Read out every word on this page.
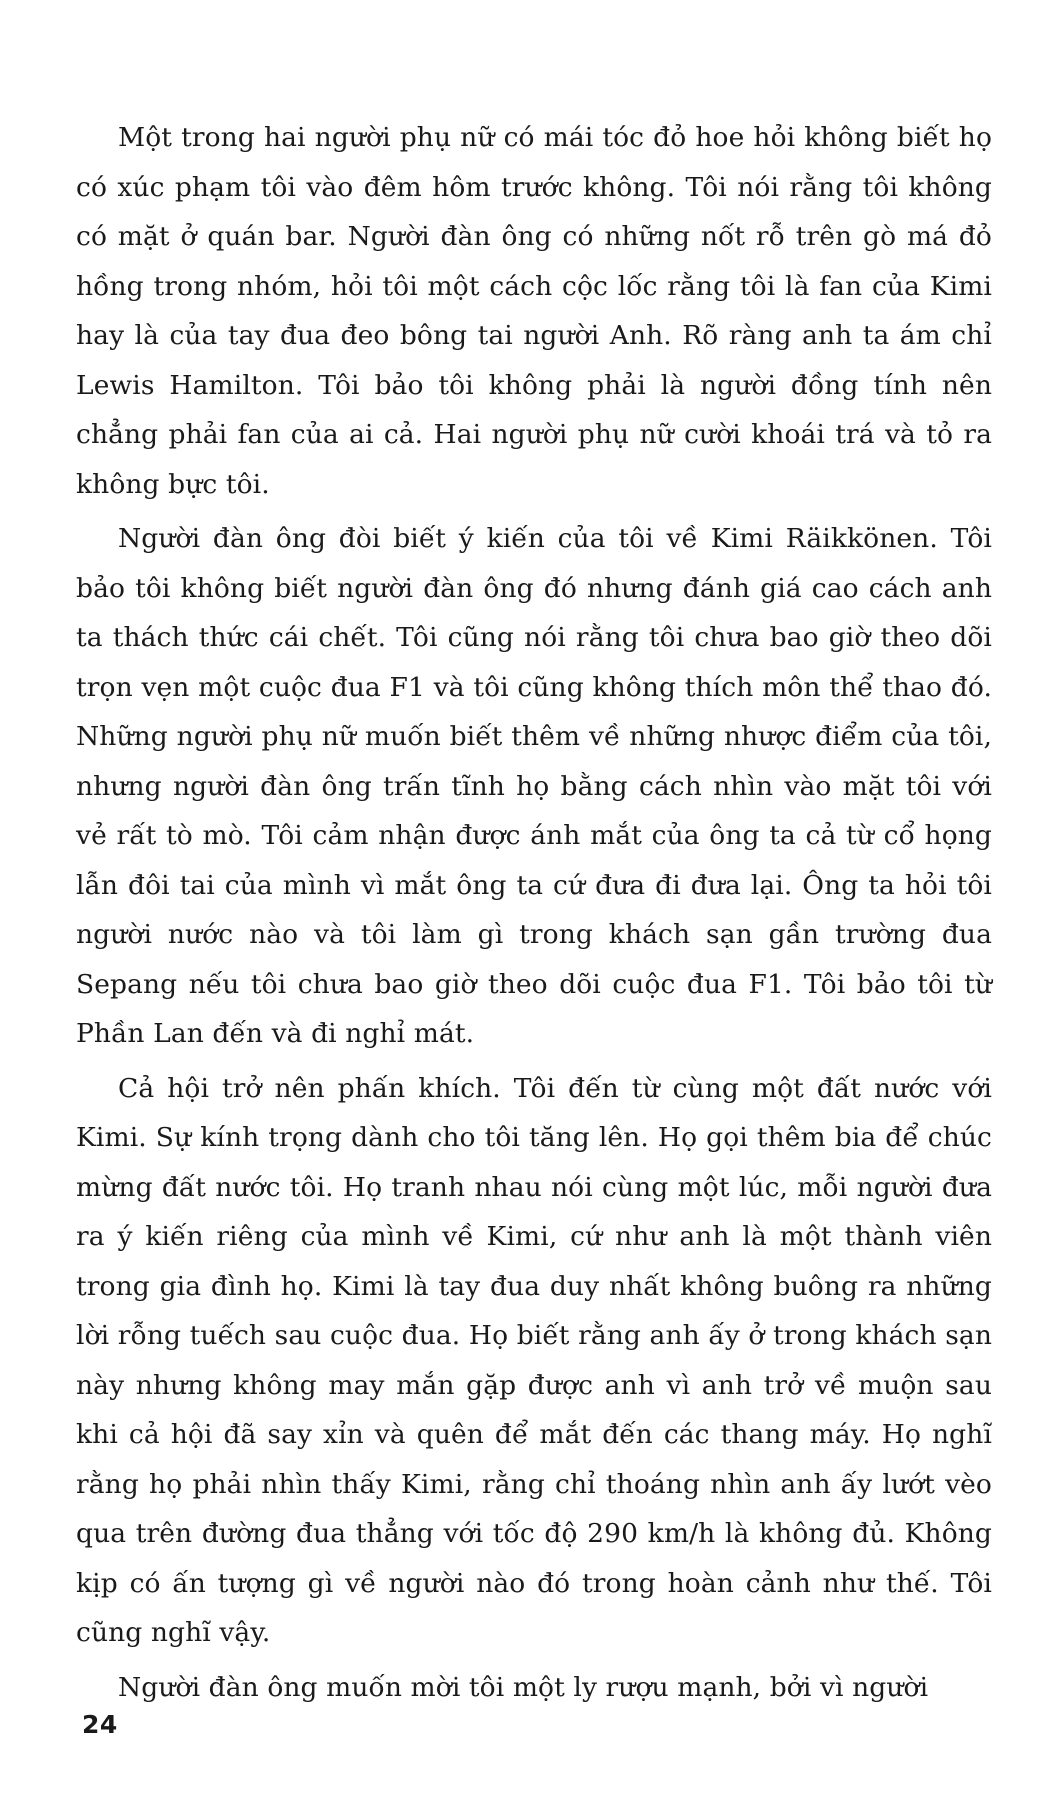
Một trong hai người phụ nữ có mái tóc đỏ hoe hỏi không biết họ có xúc phạm tôi vào đêm hôm trước không. Tôi nói rằng tôi không có mặt ở quán bar. Người đàn ông có những nốt rỗ trên gò má đỏ hồng trong nhóm, hỏi tôi một cách cộc lốc rằng tôi là fan của Kimi hay là của tay đua đeo bông tai người Anh. Rõ ràng anh ta ám chỉ Lewis Hamilton. Tôi bảo tôi không phải là người đồng tính nên chẳng phải fan của ai cả. Hai người phụ nữ cười khoái trá và tỏ ra không bực tôi.

Người đàn ông đòi biết ý kiến của tôi về Kimi Räikkönen. Tôi bảo tôi không biết người đàn ông đó nhưng đánh giá cao cách anh ta thách thức cái chết. Tôi cũng nói rằng tôi chưa bao giờ theo dõi trọn vẹn một cuộc đua F1 và tôi cũng không thích môn thể thao đó. Những người phụ nữ muốn biết thêm về những nhược điểm của tôi, nhưng người đàn ông trấn tĩnh họ bằng cách nhìn vào mặt tôi với vẻ rất tò mò. Tôi cảm nhận được ánh mắt của ông ta cả từ cổ họng lẫn đôi tai của mình vì mắt ông ta cứ đưa đi đưa lại. Ông ta hỏi tôi người nước nào và tôi làm gì trong khách sạn gần trường đua Sepang nếu tôi chưa bao giờ theo dõi cuộc đua F1. Tôi bảo tôi từ Phần Lan đến và đi nghỉ mát.

Cả hội trở nên phấn khích. Tôi đến từ cùng một đất nước với Kimi. Sự kính trọng dành cho tôi tăng lên. Họ gọi thêm bia để chúc mừng đất nước tôi. Họ tranh nhau nói cùng một lúc, mỗi người đưa ra ý kiến riêng của mình về Kimi, cứ như anh là một thành viên trong gia đình họ. Kimi là tay đua duy nhất không buông ra những lời rỗng tuếch sau cuộc đua. Họ biết rằng anh ấy ở trong khách sạn này nhưng không may mắn gặp được anh vì anh trở về muộn sau khi cả hội đã say xỉn và quên để mắt đến các thang máy. Họ nghĩ rằng họ phải nhìn thấy Kimi, rằng chỉ thoáng nhìn anh ấy lướt vèo qua trên đường đua thẳng với tốc độ 290 km/h là không đủ. Không kịp có ấn tượng gì về người nào đó trong hoàn cảnh như thế. Tôi cũng nghĩ vậy.

Người đàn ông muốn mời tôi một ly rượu mạnh, bởi vì người

24
